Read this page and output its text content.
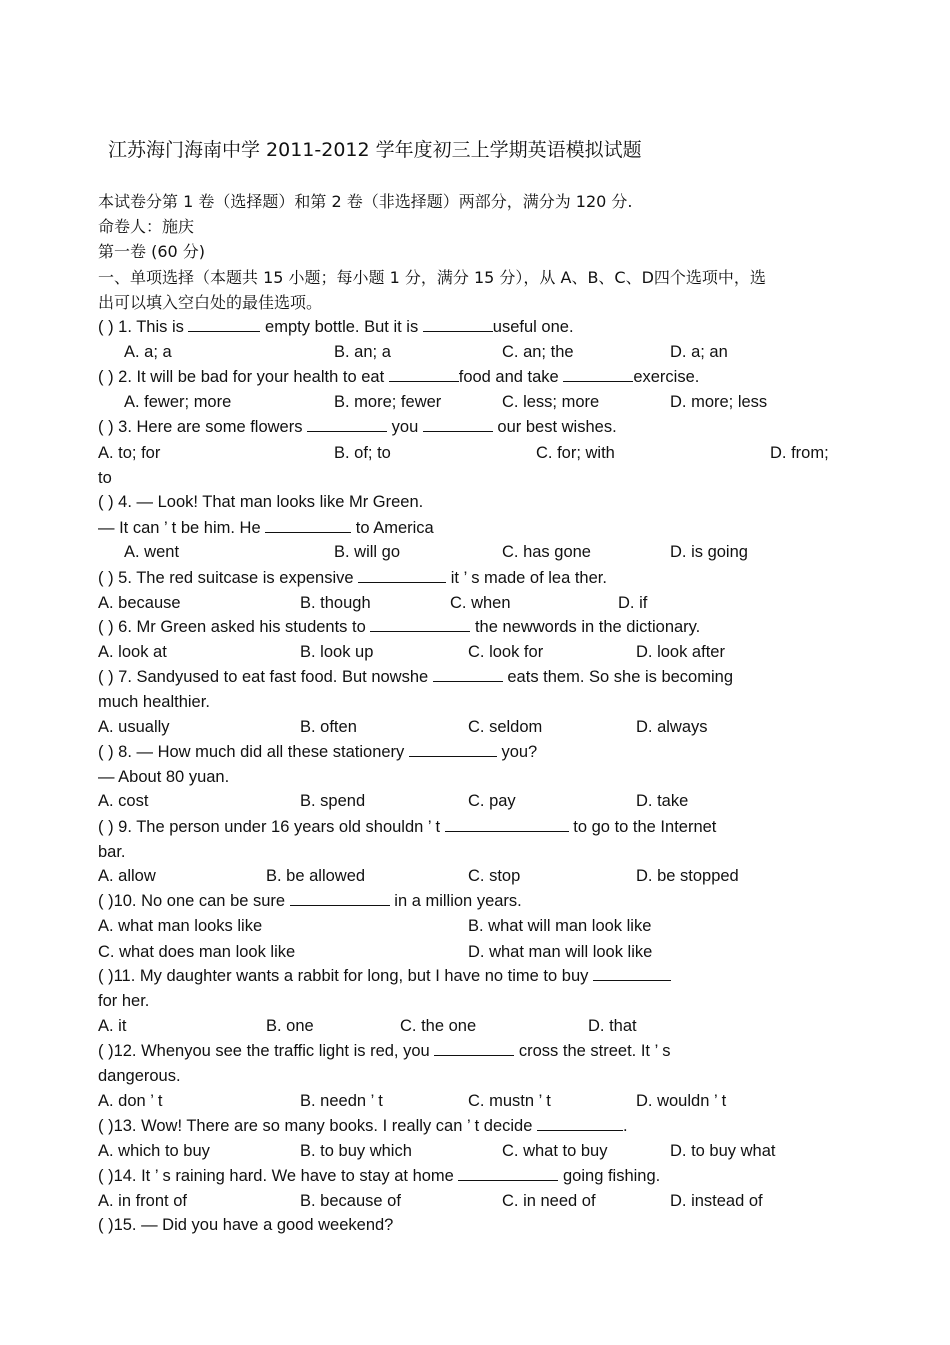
江苏海门海南中学 2011-2012 学年度初三上学期英语模拟试题
本试卷分第 1 卷（选择题）和第 2 卷（非选择题）两部分，满分为 120 分.
命卷人：施庆
第一卷 (60 分)
一、单项选择（本题共 15 小题；每小题 1 分，满分 15 分），从 A、B、C、D四个选项中，选
出可以填入空白处的最佳选项。
( ) 1. This is	empty bottle. But it is	useful one.
A. a; a	B. an; a	C. an; the	D. a; an
( ) 2. It will be bad for your health to eat	food and take	exercise.
A. fewer; more	B. more; fewer	C. less; more	D. more; less
( ) 3. Here are some flowers	you	our best wishes.
A. to; for	B. of; to	C. for; with	D. from;
to
( ) 4. — Look! That man looks like Mr Green.
— It can ’ t be him. He	to America
A. went	B. will go	C. has gone	D. is going
( ) 5. The red suitcase is expensive	it ’ s made of lea ther.
A. because	B. though	C. when	D. if
( ) 6. Mr Green asked his students to	the newwords in the dictionary.
A. look at	B. look up	C. look for	D. look after
( ) 7. Sandyused to eat fast food. But nowshe	eats them. So she is becoming
much healthier.
A. usually	B. often	C. seldom	D. always
( ) 8. — How much did all these stationery	you?
— About 80 yuan.
A. cost	B. spend	C. pay	D. take
( ) 9. The person under 16 years old shouldn ’ t	to go to the Internet
bar.
A. allow	B. be allowed	C. stop	D. be stopped
( )10. No one can be sure	in a million years.
A. what man looks like	B. what will man look like
C. what does man look like	D. what man will look like
( )11. My daughter wants a rabbit for long, but I have no time to buy
for her.
A. it	B. one	C. the one	D. that
( )12. Whenyou see the traffic light is red, you	cross the street. It ’ s
dangerous.
A. don ’ t	B. needn ’ t	C. mustn ’ t	D. wouldn ’ t
( )13. Wow! There are so many books. I really can ’ t decide	.
A. which to buy	B. to buy which	C. what to buy	D. to buy what
( )14. It ’ s raining hard. We have to stay at home	going fishing.
A. in front of	B. because of	C. in need of	D. instead of
( )15. — Did you have a good weekend?
